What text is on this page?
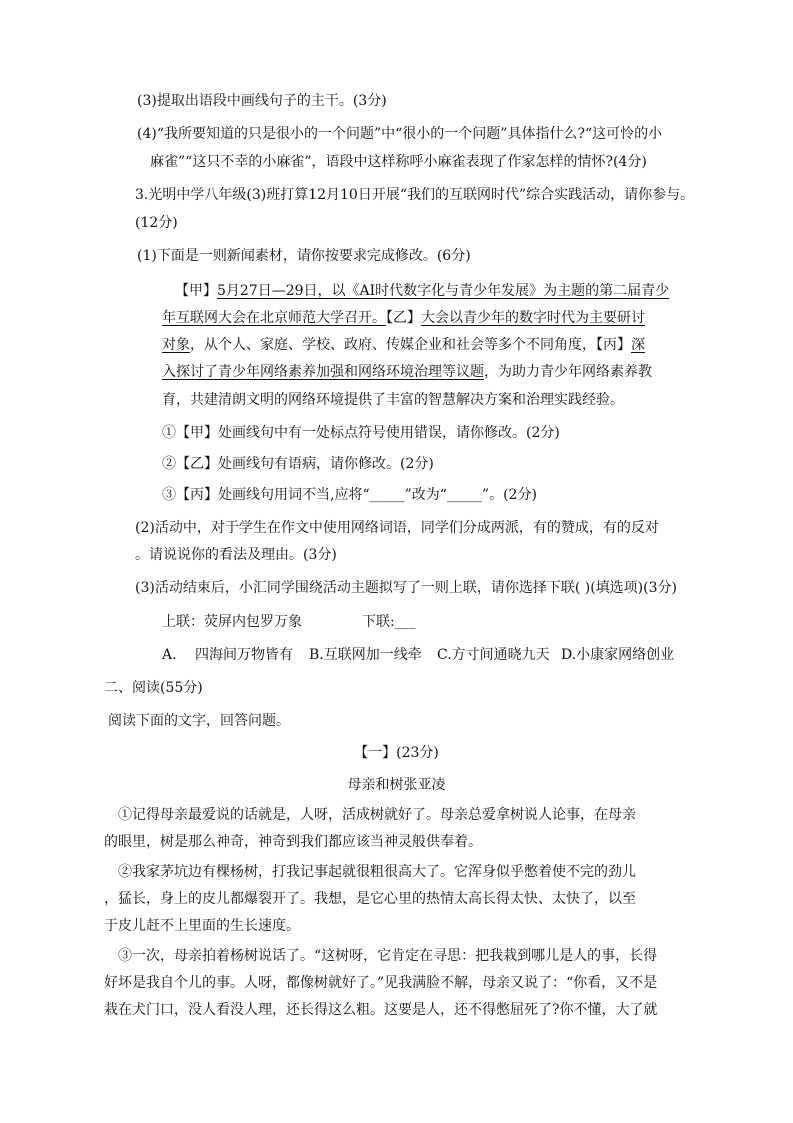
(3)提取出语段中画线句子的主干。(3分)
(4)“我所要知道的只是很小的一个问题”中“很小的一个问题”具体指什么?“这可怜的小
麻雀”“这只不幸的小麻雀”，语段中这样称呼小麻雀表现了作家怎样的情怀?(4分)
3.光明中学八年级(3)班打算12月10日开展“我们的互联网时代”综合实践活动，请你参与。
(12分)
(1)下面是一则新闻素材，请你按要求完成修改。(6分)
【甲】5月27日—29日，以《AI时代数字化与青少年发展》为主题的第二届青少
年互联网大会在北京师范大学召开。【乙】大会以青少年的数字时代为主要研讨
对象，从个人、家庭、学校、政府、传媒企业和社会等多个不同角度，【丙】深
入探讨了青少年网络素养加强和网络环境治理等议题，为助力青少年网络素养教
育，共建清朗文明的网络环境提供了丰富的智慧解决方案和治理实践经验。
①【甲】处画线句中有一处标点符号使用错误，请你修改。(2分)
②【乙】处画线句有语病，请你修改。(2分)
③【丙】处画线句用词不当,应将“_____”改为“_____”。(2分)
(2)活动中，对于学生在作文中使用网络词语，同学们分成两派，有的赞成，有的反对
。请说说你的看法及理由。(3分)
(3)活动结束后，小汇同学围绕活动主题拟写了一则上联，请你选择下联( )(填选项)(3分)
上联：荧屏内包罗万象	下联:___
A.　 四海间万物皆有 B.互联网加一线牵 C.方寸间通晓九天 D.小康家网络创业
二、阅读(55分)
阅读下面的文字，回答问题。
【一】(23分)
母亲和树张亚凌
①记得母亲最爱说的话就是，人呀，活成树就好了。母亲总爱拿树说人论事，在母亲
的眼里，树是那么神奇，神奇到我们都应该当神灵般供奉着。
②我家茅坑边有棵杨树，打我记事起就很粗很高大了。它浑身似乎憋着使不完的劲儿
，猛长，身上的皮儿都爆裂开了。我想，是它心里的热情太高长得太快、太快了，以至
于皮儿赶不上里面的生长速度。
③一次，母亲拍着杨树说话了。“这树呀，它肯定在寻思：把我栽到哪儿是人的事，长得
好坏是我自个儿的事。人呀，都像树就好了。”见我满脸不解，母亲又说了：“你看，又不是
栽在犬门口，没人看没人理，还长得这么粗。这要是人，还不得憋屈死了?你不懂，大了就
